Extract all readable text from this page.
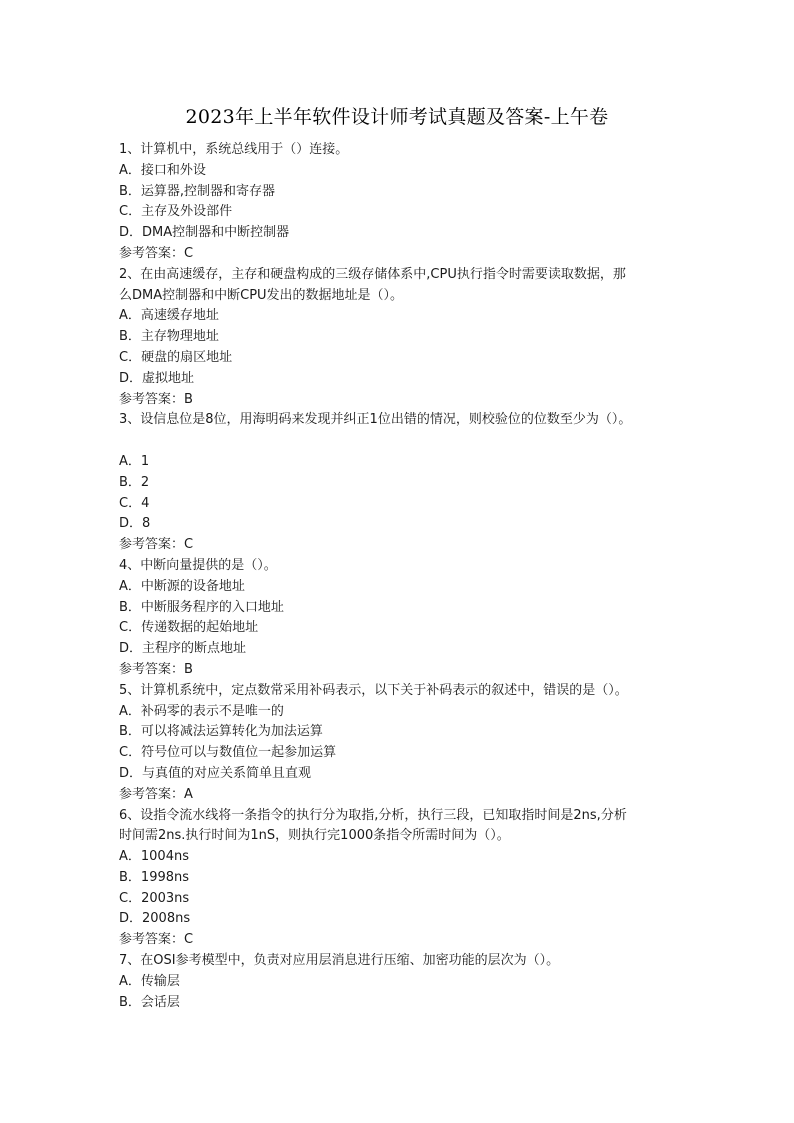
2023年上半年软件设计师考试真题及答案-上午卷
1、计算机中，系统总线用于（）连接。
A．接口和外设
B．运算器,控制器和寄存器
C．主存及外设部件
D．DMA控制器和中断控制器
参考答案：C
2、在由高速缓存，主存和硬盘构成的三级存储体系中,CPU执行指令时需要读取数据，那
么DMA控制器和中断CPU发出的数据地址是（）。
A．高速缓存地址
B．主存物理地址
C．硬盘的扇区地址
D．虚拟地址
参考答案：B
3、设信息位是8位，用海明码来发现并纠正1位出错的情况，则校验位的位数至少为（）。
A．1
B．2
C．4
D．8
参考答案：C
4、中断向量提供的是（）。
A．中断源的设备地址
B．中断服务程序的入口地址
C．传递数据的起始地址
D．主程序的断点地址
参考答案：B
5、计算机系统中，定点数常采用补码表示，以下关于补码表示的叙述中，错误的是（）。
A．补码零的表示不是唯一的
B．可以将减法运算转化为加法运算
C．符号位可以与数值位一起参加运算
D．与真值的对应关系简单且直观
参考答案：A
6、设指令流水线将一条指令的执行分为取指,分析，执行三段，已知取指时间是2ns,分析
时间需2ns.执行时间为1nS，则执行完1000条指令所需时间为（）。
A．1004ns
B．1998ns
C．2003ns
D．2008ns
参考答案：C
7、在OSI参考模型中，负责对应用层消息进行压缩、加密功能的层次为（）。
A．传输层
B．会话层
